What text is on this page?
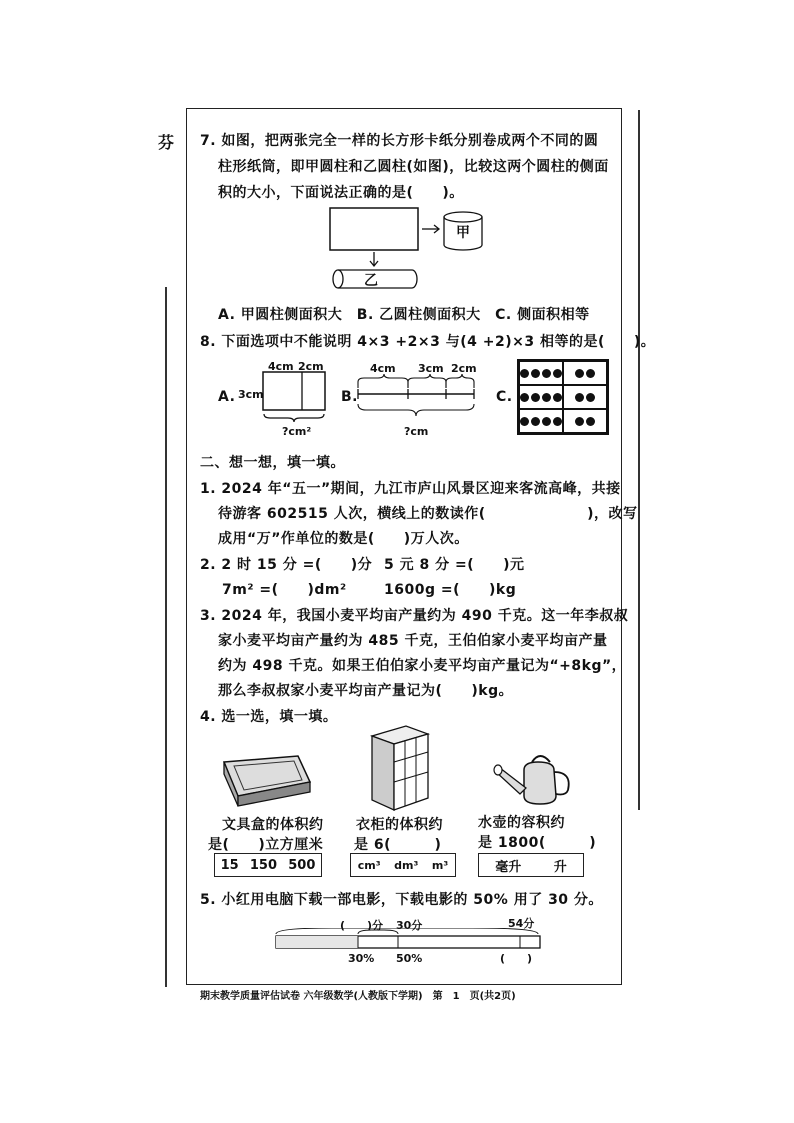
芬 7. 如图，把两张完全一样的长方形卡纸分别卷成两个不同的圆
柱形纸筒，即甲圆柱和乙圆柱(如图)，比较这两个圆柱的侧面
积的大小，下面说法正确的是(　　)。
甲
乙
A. 甲圆柱侧面积大　B. 乙圆柱侧面积大　C. 侧面积相等
8. 下面选项中不能说明 4×3 +2×3 与(4 +2)×3 相等的是(　　)。
A.
4cm 2cm
3cm
?cm²
B.
4cm 3cm 2cm
?cm
C.
二、想一想，填一填。
1. 2024 年“五一”期间，九江市庐山风景区迎来客流高峰，共接
待游客 602515 人次，横线上的数读作(　　　　　　　)，改写
成用“万”作单位的数是(　　)万人次。
2. 2 时 15 分 =(　　)分 5 元 8 分 =(　　)元
7m² =(　　)dm²	1600g =(　　)kg
3. 2024 年，我国小麦平均亩产量约为 490 千克。这一年李叔叔
家小麦平均亩产量约为 485 千克，王伯伯家小麦平均亩产量
约为 498 千克。如果王伯伯家小麦平均亩产量记为“+8kg”，
那么李叔叔家小麦平均亩产量记为(　　)kg。
4. 选一选，填一填。
文具盒的体积约
是(　　)立方厘米
衣柜的体积约
是 6(　　　)
水壶的容积约
是 1800(　　　)
15 150 500	cm³ dm³ m³	毫升 升
5. 小红用电脑下载一部电影，下载电影的 50% 用了 30 分。
(　　)分 30分	54分
30% 50%	(　　)
期末教学质量评估试卷 六年级数学(人教版下学期)　第　1　页(共2页)
